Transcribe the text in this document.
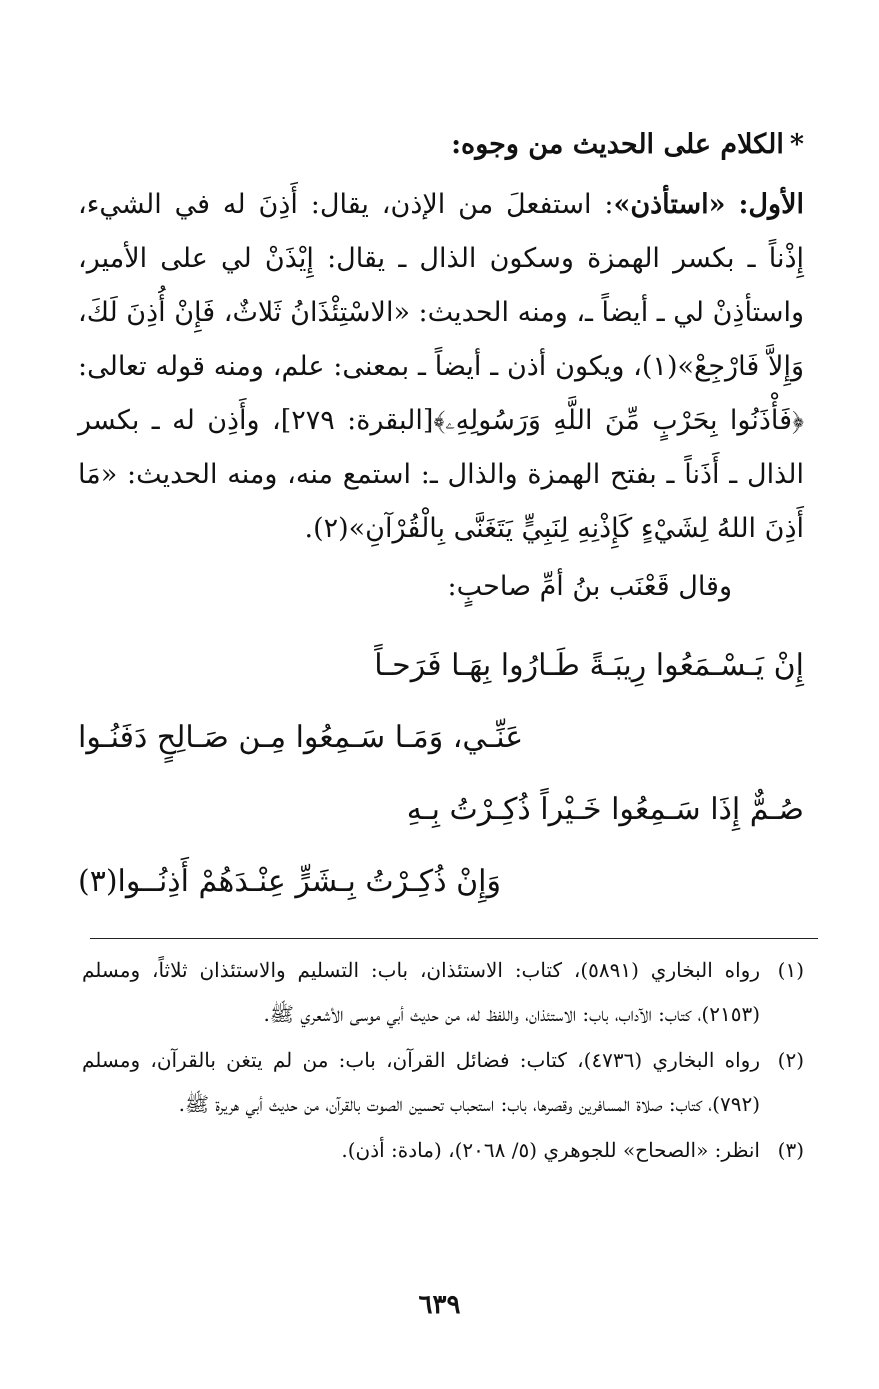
*الكلام على الحديث من وجوه:

الأول: «استأذن»: استفعلَ من الإذن، يقال: أَذِنَ له في الشيء، إِذْناً ـ بكسر الهمزة وسكون الذال ـ يقال: إِيْذَنْ لي على الأمير، واستأذِنْ لي ـ أيضاً ـ، ومنه الحديث: «الاسْتِئْذَانُ ثَلاثٌ، فَإِنْ أُذِنَ لَكَ، وَإِلاَّ فَارْجِعْ»(١)، ويكون أذن ـ أيضاً ـ بمعنى: علم، ومنه قوله تعالى: ﴿فَأْذَنُوا بِحَرْبٍ مِّنَ اللَّهِ وَرَسُولِهِۦ﴾[البقرة: ٢٧٩]، وأَذِن له ـ بكسر الذال ـ أَذَناً ـ بفتح الهمزة والذال ـ: استمع منه، ومنه الحديث: «مَا أَذِنَ اللهُ لِشَيْءٍ كَإِذْنِهِ لِنَبِيٍّ يَتَغَنَّى بِالْقُرْآنِ»(٢).

وقال قَعْنَب بنُ أمِّ صاحبٍ:

إِنْ يَـسْـمَعُوا رِيبَـةً طَـارُوا بِهَـا فَرَحـاً

عَنِّـي، وَمَـا سَـمِعُوا مِـن صَـالِحٍ دَفَنُـوا

صُـمٌّ إِذَا سَـمِعُوا خَـيْراً ذُكِـرْتُ بِـهِ

وَإِنْ ذُكِـرْتُ بِـشَرٍّ عِنْـدَهُمْ أَذِنُــوا(٣)

(١)
رواه البخاري (٥٨٩١)، كتاب: الاستئذان، باب: التسليم والاستئذان ثلاثاً، ومسلم (٢١٥٣)، كتاب: الآداب، باب: الاستئذان، واللفظ له، من حديث أبي موسى الأشعري ﷺ.
(٢)
رواه البخاري (٤٧٣٦)، كتاب: فضائل القرآن، باب: من لم يتغن بالقرآن، ومسلم (٧٩٢)، كتاب: صلاة المسافرين وقصرها، باب: استحباب تحسين الصوت بالقرآن، من حديث أبي هريرة ﷺ.
(٣)
انظر: «الصحاح» للجوهري (٥/ ٢٠٦٨)، (مادة: أذن).
٦٣٩
